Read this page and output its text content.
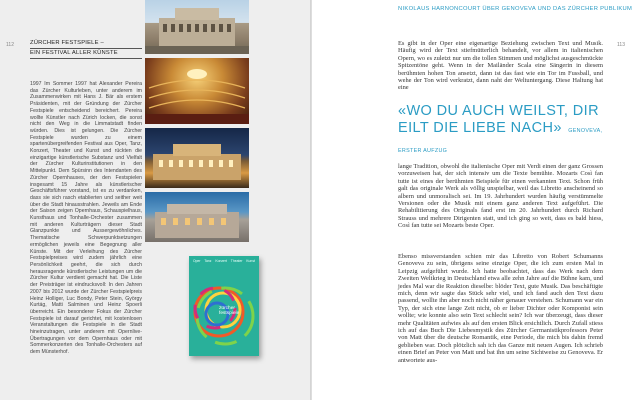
112	ZÜRCHER FESTSPIELE –
EIN FESTIVAL ALLER KÜNSTE
1997 Im Sommer 1997 hat Alexander Pereira das Zürcher Kulturleben, unter anderem im Zusammenwirken mit Hans J. Bär als erstem Präsidenten, mit der Gründung der Zürcher Festspiele entscheidend bereichert. Pereira wollte Künstler nach Zürich locken, die sonst nicht den Weg in die Limmatstadt finden würden. Dies ist gelungen. Die Zürcher Festspiele wurden zu einem spartenübergreifenden Festival aus Oper, Tanz, Konzert, Theater und Kunst und rückten die einzigartige künstlerische Substanz und Vielfalt der Zürcher Kulturinstitutionen in den Mittelpunkt. Dem Spürsinn des Intendanten des Zürcher Opernhauses, der den Festspielen insgesamt 15 Jahre als künstlerischer Geschäftsführer vorstand, ist es zu verdanken, dass sie sich rasch etablierten und seither weit über die Stadt hinausstrahlen. Jeweils am Ende der Saison zeigen Opernhaus, Schauspielhaus, Kunsthaus und Tonhalle-Orchester zusammen mit anderen Kulturträgern dieser Stadt Glanzpunkte und Aussergewöhnliches. Thematische Schwerpunktsetzungen ermöglichen jeweils eine Begegnung aller Künste. Mit der Verleihung des Zürcher Festspielpreises wird zudem jährlich eine Persönlichkeit geehrt, die sich durch herausragende künstlerische Leistungen um die Zürcher Kultur verdient gemacht hat. Die Liste der Preisträger ist eindrucksvoll: In den Jahren 2007 bis 2012 wurde der Zürcher Festspielpreis Heinz Holliger, Luc Bondy, Peter Stein, György Kurtág, Matti Salminen und Heinz Spoerli überreicht. Ein besonderer Fokus der Zürcher Festspiele ist darauf gerichtet, mit kostenlosen Veranstaltungen die Festspiele in die Stadt hineinzutragen, unter anderem mit Opernlive-Übertragungen vor dem Opernhaus oder mit Sommerkonzerten des Tonhalle-Orchesters auf dem Münsterhof.
Oper Tanz Konzert Theater Kunst
zürcher
festspiele
113
NIKOLAUS HARNONCOURT ÜBER GENOVEVA UND DAS ZÜRCHER PUBLIKUM
Es gibt in der Oper eine eigenartige Beziehung zwischen Text und Musik. Häufig wird der Text stiefmütterlich behandelt, vor allem in italienischen Opern, wo es zuletzt nur um die tollen Stimmen und möglichst ausgeschmückte Spitzentöne geht. Wenn in der Mailänder Scala eine Sängerin in diesem berühmten hohen Ton ansetzt, dann ist das fast wie ein Tor im Fussball, und wehe der Ton wird verkratzt, dann naht der Weltuntergang. Diese Haltung hat eine
«WO DU AUCH WEILST, DIR EILT DIE LIEBE NACH» GENOVEVA, ERSTER AUFZUG
lange Tradition, obwohl die italienische Oper mit Verdi einen der ganz Grossen vorzuweisen hat, der sich intensiv um die Texte bemühte. Mozarts Così fan tutte ist eines der berühmten Beispiele für einen verkannten Text. Schon früh galt das originale Werk als völlig unspielbar, weil das Libretto anscheinend so albern und unmoralisch sei. Im 19. Jahrhundert wurden häufig verstümmelte Versionen oder die Musik mit einem ganz anderen Text aufgeführt. Die Rehabilitierung des Originals fand erst im 20. Jahrhundert durch Richard Strauss und mehrere Dirigenten statt, und ich ging so weit, dass es bald hiess, Così fan tutte sei Mozarts beste Oper.
Ebenso missverstanden schien mir das Libretto von Robert Schumanns Genoveva zu sein, übrigens seine einzige Oper, die ich zum ersten Mal in Leipzig aufgeführt wurde. Ich hatte beobachtet, dass das Werk nach dem Zweiten Weltkrieg in Deutschland etwa alle zehn Jahre auf die Bühne kam, und jedes Mal war die Reaktion dieselbe: blöder Text, gute Musik. Das beschäftigte mich, denn wir sagte das Stück sehr viel, und ich fand auch den Text dazu passend, wollte ihn aber noch nicht näher genauer verstehen. Schumann war ein Typ, der sich eine lange Zeit nicht, ob er lieber Dichter oder Komponist sein wollte; wie konnte also sein Text schlecht sein? Ich war überzeugt, dass dieser mehr Qualitäten aufwies als auf den ersten Blick ersichtlich. Durch Zufall stiess ich auf das Buch Die Liebesmystik des Zürcher Germanistikprofessors Peter von Matt über die deutsche Romantik, eine Periode, die mich bis dahin fremd geblieben war. Doch plötzlich sah ich das Ganze mit neuen Augen. Ich schrieb einen Brief an Peter von Matt und bat ihn um seine Sichtweise zu Genoveva. Er antwortete aus-
